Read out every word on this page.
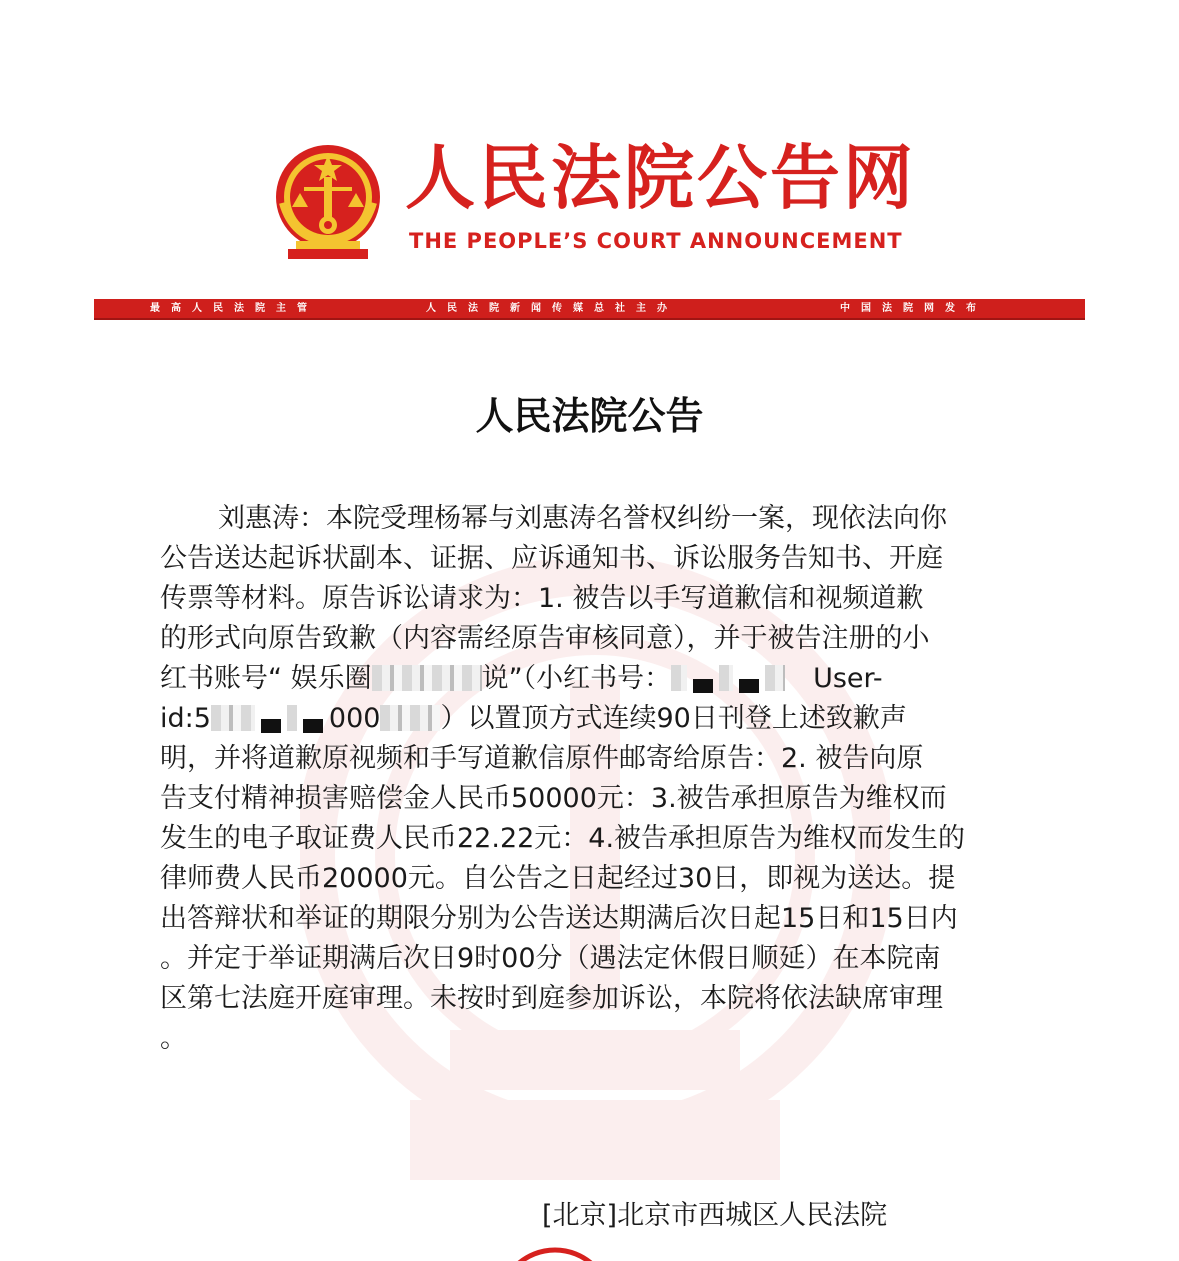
人民法院公告网
THE PEOPLE’S COURT ANNOUNCEMENT
最高人民法院主管	人民法院新闻传媒总社主办	中国法院网发布
人民法院公告
刘惠涛：本院受理杨幂与刘惠涛名誉权纠纷一案，现依法向你
公告送达起诉状副本、证据、应诉通知书、诉讼服务告知书、开庭
传票等材料。原告诉讼请求为：1. 被告以手写道歉信和视频道歉
的形式向原告致歉（内容需经原告审核同意），并于被告注册的小
红书账号“ 娱乐圈	说”（小红书号：	User-
id:5	000 ）以置顶方式连续90日刊登上述致歉声
明，并将道歉原视频和手写道歉信原件邮寄给原告：2. 被告向原
告支付精神损害赔偿金人民币50000元：3.被告承担原告为维权而
发生的电子取证费人民币22.22元：4.被告承担原告为维权而发生的
律师费人民币20000元。自公告之日起经过30日，即视为送达。提
出答辩状和举证的期限分别为公告送达期满后次日起15日和15日内
。并定于举证期满后次日9时00分（遇法定休假日顺延）在本院南
区第七法庭开庭审理。未按时到庭参加诉讼，本院将依法缺席审理
。
[北京]北京市西城区人民法院
